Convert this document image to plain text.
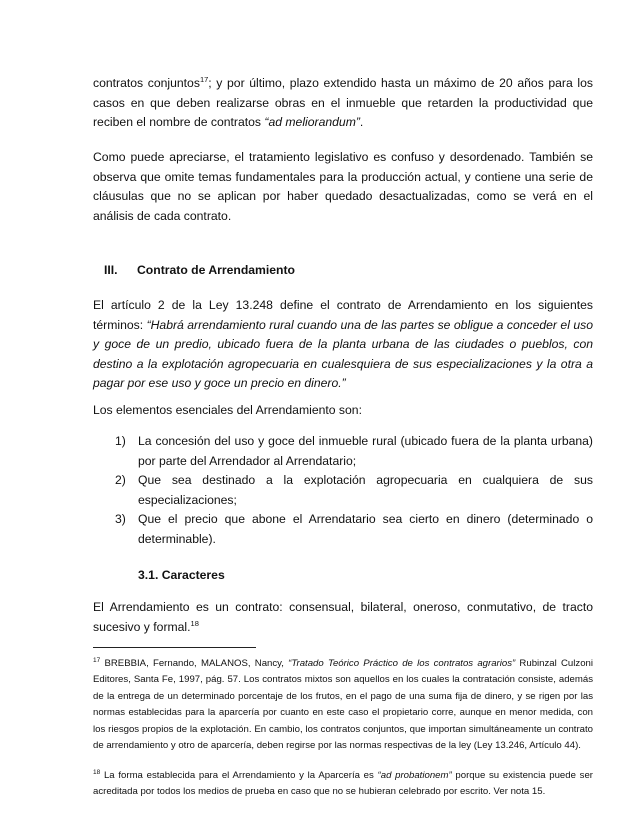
contratos conjuntos$^{17}$; y por último, plazo extendido hasta un máximo de 20 años para los casos en que deben realizarse obras en el inmueble que retarden la productividad que reciben el nombre de contratos “ad meliorandum”.

Como puede apreciarse, el tratamiento legislativo es confuso y desordenado. También se observa que omite temas fundamentales para la producción actual, y contiene una serie de cláusulas que no se aplican por haber quedado desactualizadas, como se verá en el análisis de cada contrato.

III. Contrato de Arrendamiento

El artículo 2 de la Ley 13.248 define el contrato de Arrendamiento en los siguientes términos: “Habrá arrendamiento rural cuando una de las partes se obligue a conceder el uso y goce de un predio, ubicado fuera de la planta urbana de las ciudades o pueblos, con destino a la explotación agropecuaria en cualesquiera de sus especializaciones y la otra a pagar por ese uso y goce un precio en dinero.”

Los elementos esenciales del Arrendamiento son:

1) La concesión del uso y goce del inmueble rural (ubicado fuera de la planta urbana) por parte del Arrendador al Arrendatario;
2) Que sea destinado a la explotación agropecuaria en cualquiera de sus especializaciones;
3) Que el precio que abone el Arrendatario sea cierto en dinero (determinado o determinable).
3.1. Caracteres

El Arrendamiento es un contrato: consensual, bilateral, oneroso, conmutativo, de tracto sucesivo y formal.$^{18}$

$^{17}$ BREBBIA, Fernando, MALANOS, Nancy, “Tratado Teórico Práctico de los contratos agrarios” Rubinzal Culzoni Editores, Santa Fe, 1997, pág. 57. Los contratos mixtos son aquellos en los cuales la contratación consiste, además de la entrega de un determinado porcentaje de los frutos, en el pago de una suma fija de dinero, y se rigen por las normas establecidas para la aparcería por cuanto en este caso el propietario corre, aunque en menor medida, con los riesgos propios de la explotación. En cambio, los contratos conjuntos, que importan simultáneamente un contrato de arrendamiento y otro de aparcería, deben regirse por las normas respectivas de la ley (Ley 13.246, Artículo 44).

$^{18}$ La forma establecida para el Arrendamiento y la Aparcería es “ad probationem” porque su existencia puede ser acreditada por todos los medios de prueba en caso que no se hubieran celebrado por escrito. Ver nota 15.
